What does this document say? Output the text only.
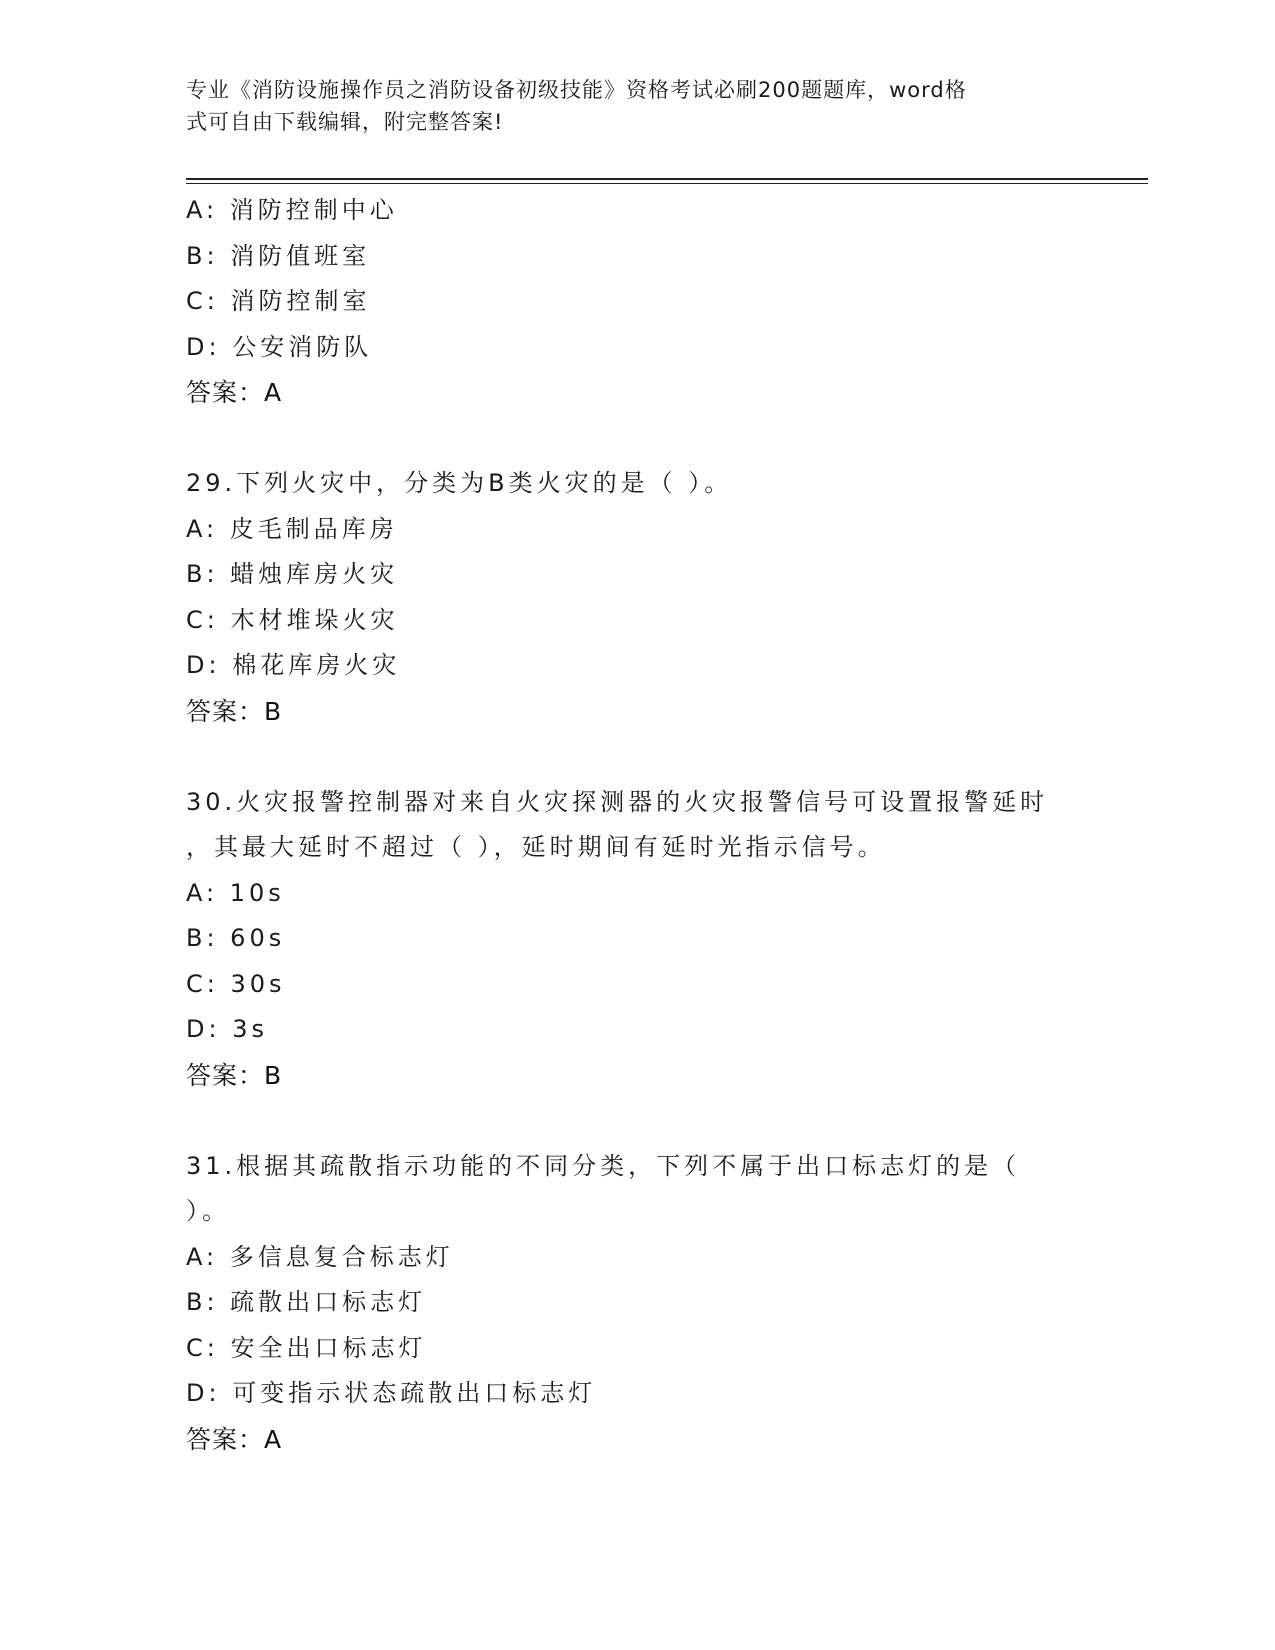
专业《消防设施操作员之消防设备初级技能》资格考试必刷200题题库，word格
式可自由下载编辑，附完整答案!
A: 消防控制中心
B: 消防值班室
C: 消防控制室
D: 公安消防队
答案：A
29.下列火灾中，分类为B类火灾的是（ ）。
A: 皮毛制品库房
B: 蜡烛库房火灾
C: 木材堆垛火灾
D: 棉花库房火灾
答案：B
30.火灾报警控制器对来自火灾探测器的火灾报警信号可设置报警延时
，其最大延时不超过（ ），延时期间有延时光指示信号。
A: 10s
B: 60s
C: 30s
D: 3s
答案：B
31.根据其疏散指示功能的不同分类，下列不属于出口标志灯的是（
）。
A: 多信息复合标志灯
B: 疏散出口标志灯
C: 安全出口标志灯
D: 可变指示状态疏散出口标志灯
答案：A
